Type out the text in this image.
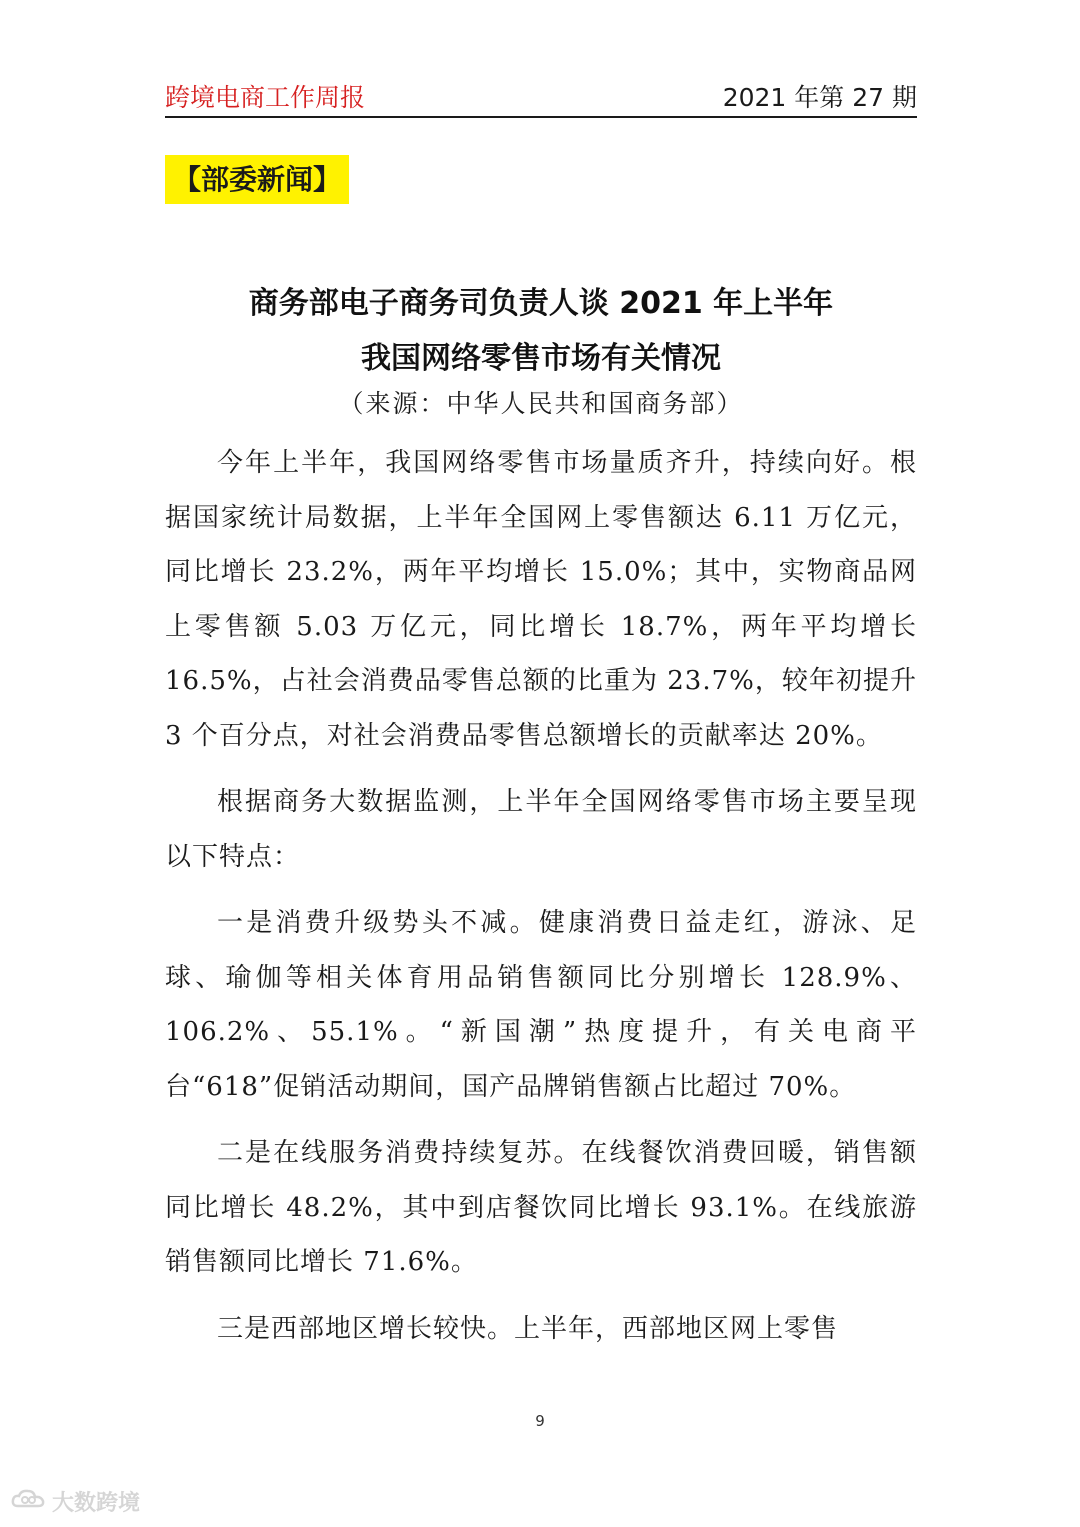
跨境电商工作周报	2021 年第 27 期
【部委新闻】
商务部电子商务司负责人谈 2021 年上半年
我国网络零售市场有关情况
（来源：中华人民共和国商务部）

今年上半年，我国网络零售市场量质齐升，持续向好。根据国家统计局数据，上半年全国网上零售额达 6.11 万亿元，同比增长 23.2%，两年平均增长 15.0%；其中，实物商品网上零售额 5.03 万亿元，同比增长 18.7%，两年平均增长 16.5%，占社会消费品零售总额的比重为 23.7%，较年初提升 3 个百分点，对社会消费品零售总额增长的贡献率达 20%。

根据商务大数据监测，上半年全国网络零售市场主要呈现以下特点：

一是消费升级势头不减。健康消费日益走红，游泳、足球、瑜伽等相关体育用品销售额同比分别增长 128.9%、106.2%、55.1%。“新国潮”热度提升，有关电商平台“618”促销活动期间，国产品牌销售额占比超过 70%。

二是在线服务消费持续复苏。在线餐饮消费回暖，销售额同比增长 48.2%，其中到店餐饮同比增长 93.1%。在线旅游销售额同比增长 71.6%。

三是西部地区增长较快。上半年，西部地区网上零售

9
大数跨境
